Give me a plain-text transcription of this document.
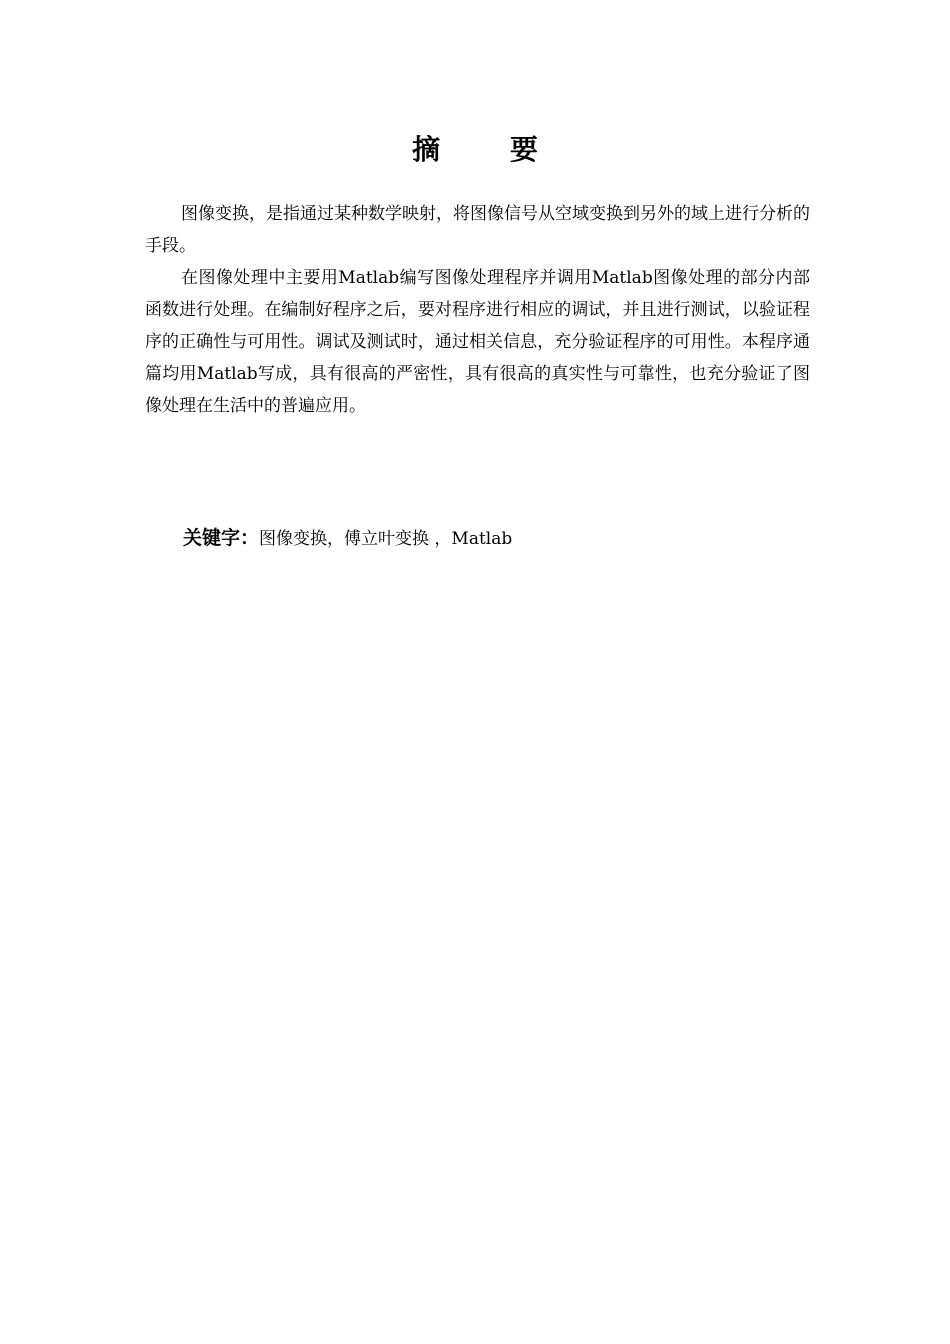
摘 要

图像变换，是指通过某种数学映射，将图像信号从空域变换到另外的域上进行分析的手段。

在图像处理中主要用Matlab编写图像处理程序并调用Matlab图像处理的部分内部函数进行处理。在编制好程序之后，要对程序进行相应的调试，并且进行测试，以验证程序的正确性与可用性。调试及测试时，通过相关信息，充分验证程序的可用性。本程序通篇均用Matlab写成，具有很高的严密性，具有很高的真实性与可靠性，也充分验证了图像处理在生活中的普遍应用。

关键字：图像变换，傅立叶变换 ，Matlab
